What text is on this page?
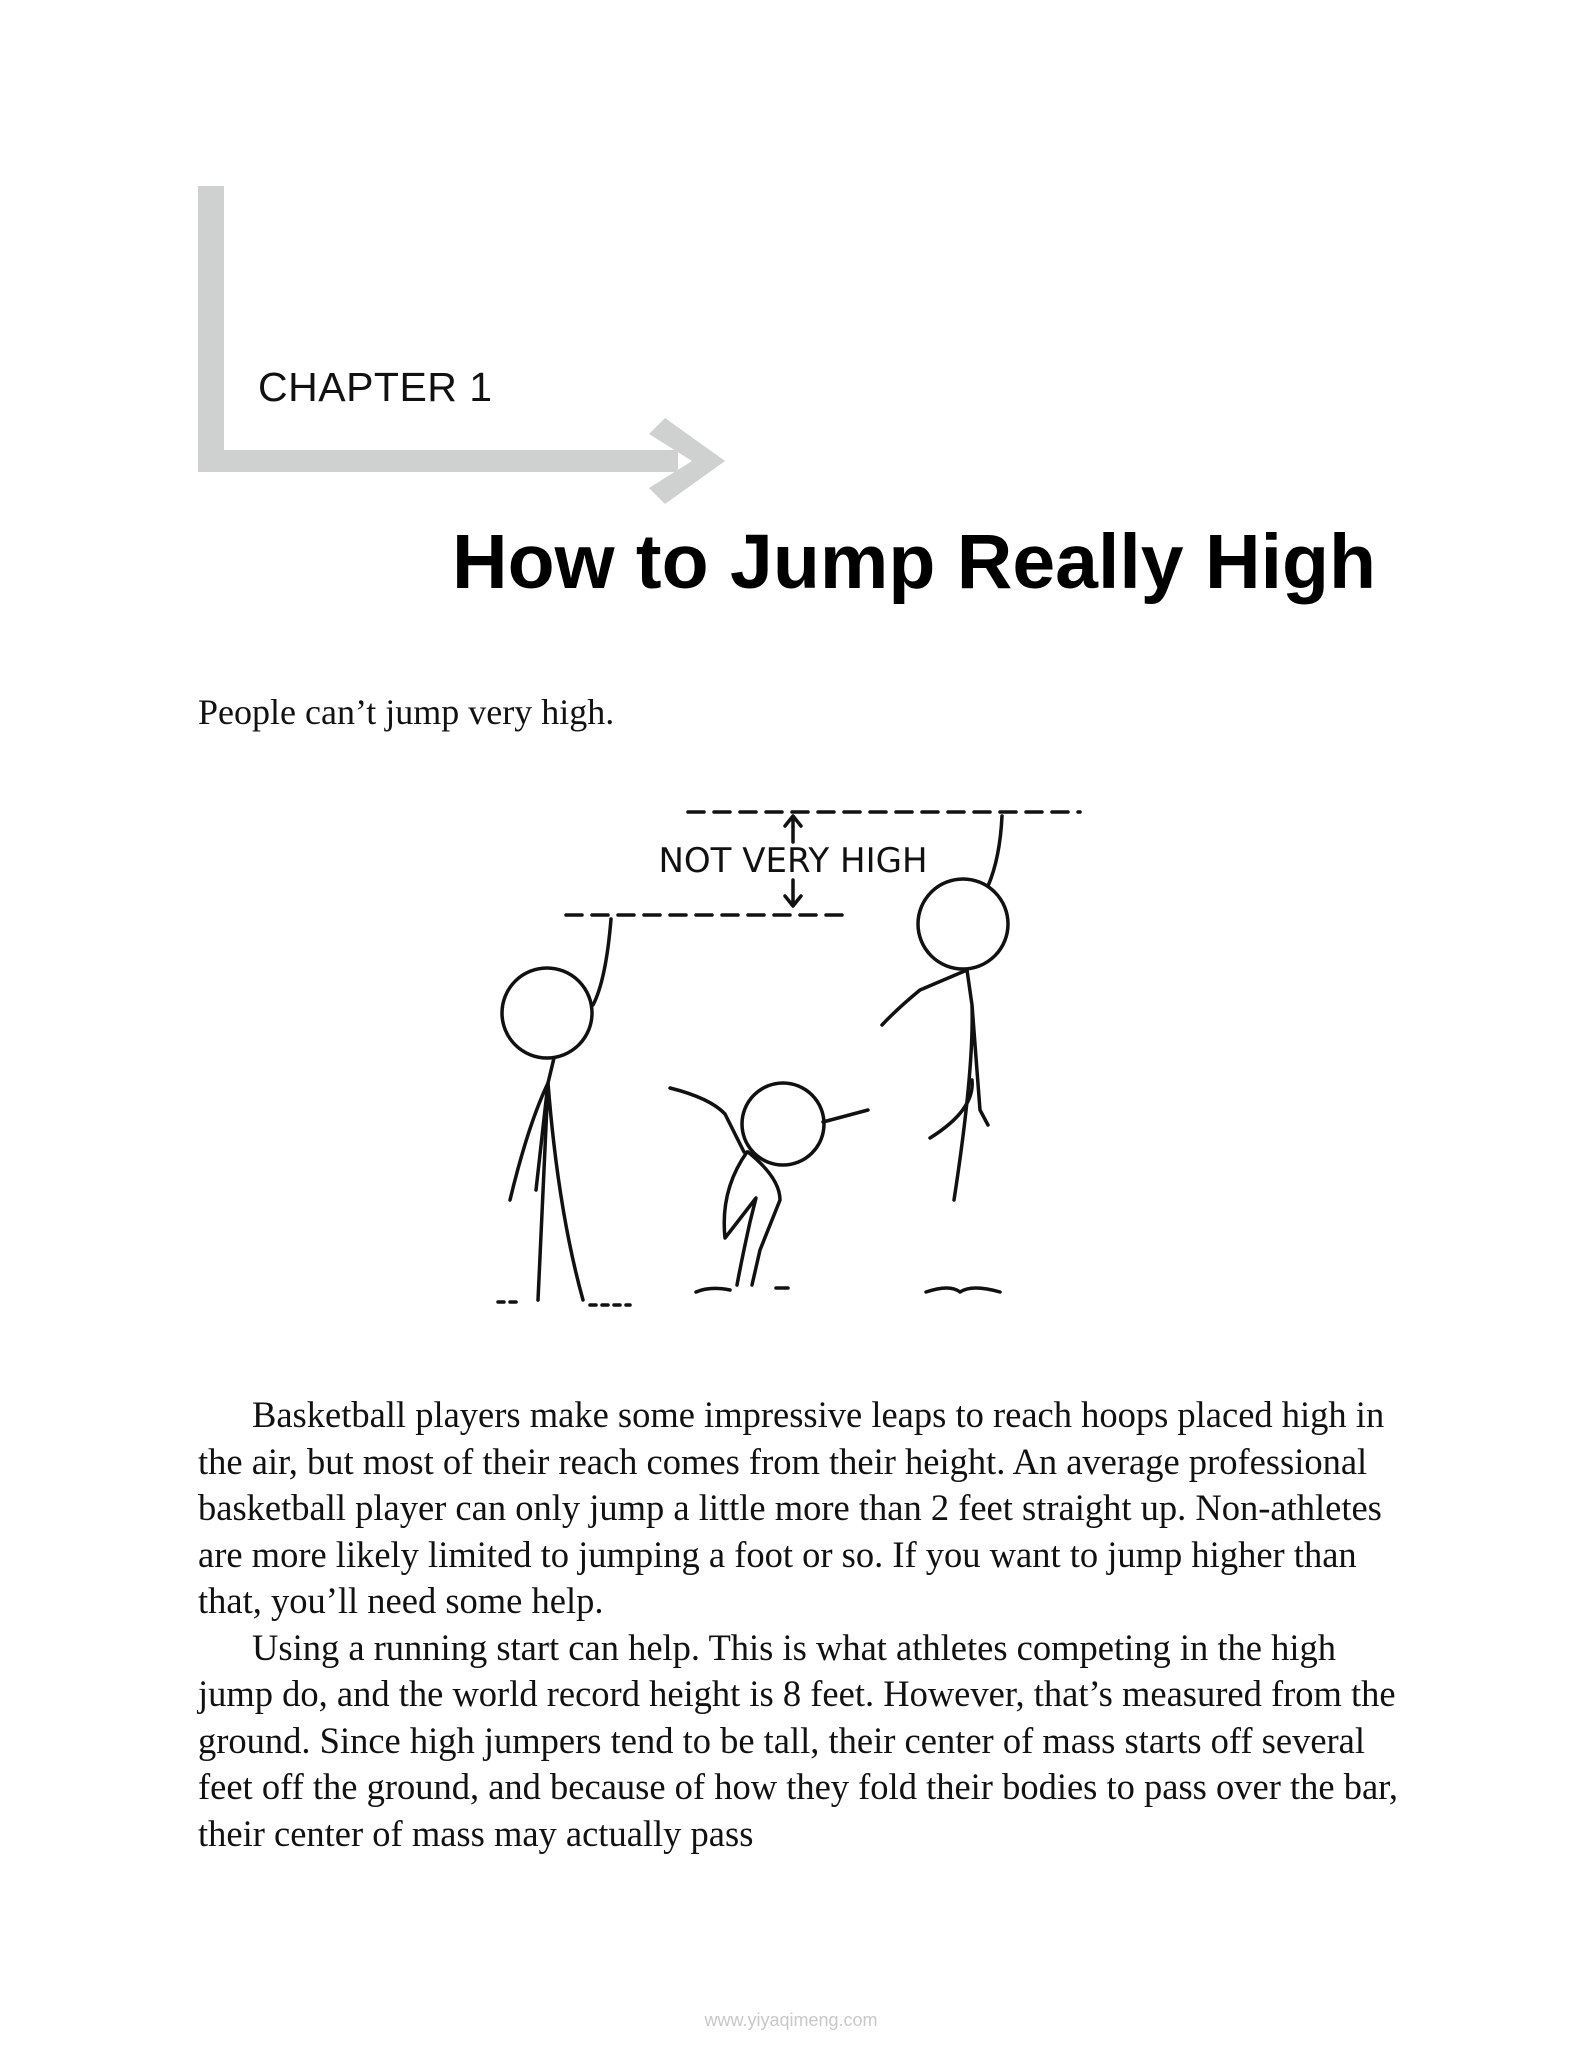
CHAPTER 1
How to Jump Really High

People can’t jump very high.

NOT VERY HIGH

Basketball players make some impressive leaps to reach hoops placed high in the air, but most of their reach comes from their height. An average professional basketball player can only jump a little more than 2 feet straight up. Non-athletes are more likely limited to jumping a foot or so. If you want to jump higher than that, you’ll need some help.

Using a running start can help. This is what athletes competing in the high jump do, and the world record height is 8 feet. However, that’s measured from the ground. Since high jumpers tend to be tall, their center of mass starts off several feet off the ground, and because of how they fold their bodies to pass over the bar, their center of mass may actually pass

www.yiyaqimeng.com
